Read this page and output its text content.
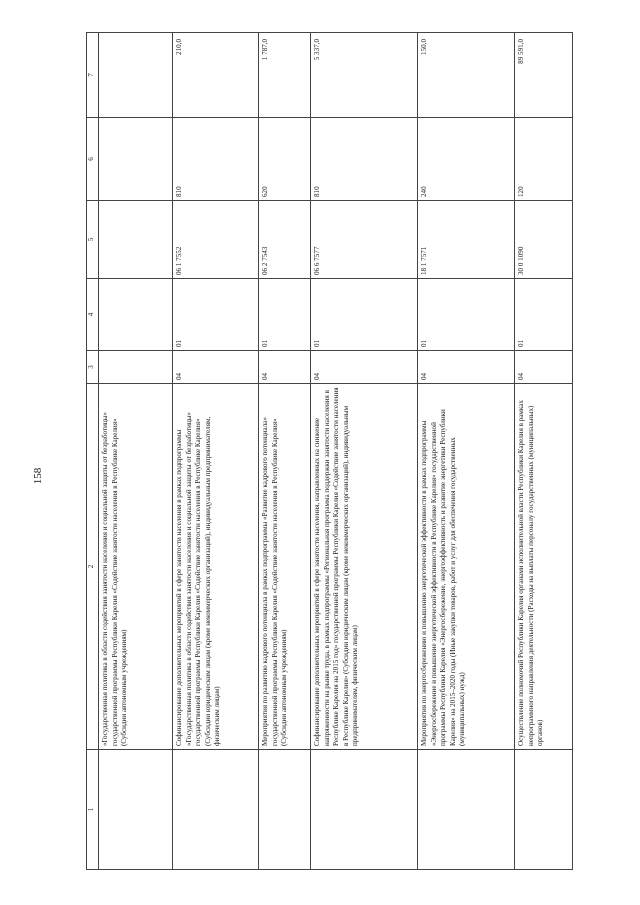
158
1	2	3	4	5	6	7
	«Государственная политика в области содействия занятости населения и социальной защиты от безработицы» государственной программы Республики Карелия «Содействие занятости населения в Республике Карелия» (Субсидии автономным учреждениям)					
	Софинансирование дополнительных мероприятий в сфере занятости населения в рамках подпрограммы «Государственная политика в области содействия занятости населения и социальной защиты от безработицы» государственной программы Республики Карелия «Содействие занятости населения в Республике Карелия» (Субсидии юридическим лицам (кроме некоммерческих организаций), индивидуальным предпринимателям, физическим лицам)	04	01	06 1 7552	810	210,0
	Мероприятия по развитию кадрового потенциала в рамках подпрограммы «Развитие кадрового потенциала» государственной программы Республики Карелия «Содействие занятости населения в Республике Карелия» (Субсидии автономным учреждениям)	04	01	06 2 7543	620	1 787,0
	Софинансирование дополнительных мероприятий в сфере занятости населения, направленных на снижение напряженности на рынке труда, в рамках подпрограммы «Региональная программа поддержки занятости населения в Республике Карелия на 2015 год» государственной программы Республики Карелия «Содействие занятости населения в Республике Карелия» (Субсидии юридическим лицам (кроме некоммерческих организаций), индивидуальным предпринимателям, физическим лицам)	04	01	06 6 7577	810	5 337,0
	Мероприятия по энергосбережению и повышению энергетической эффективности в рамках подпрограммы «Энергосбережение и повышение энергетической эффективности в Республике Карелия» государственной программы Республики Карелия «Энергосбережение, энергоэффективность и развитие энергетики Республики Карелия» на 2015–2020 годы (Иные закупки товаров, работ и услуг для обеспечения государственных (муниципальных) нужд)	04	01	18 1 7571	240	150,0
	Осуществление полномочий Республики Карелия органами исполнительной власти Республики Карелия в рамках непрограммного направления деятельности (Расходы на выплаты персоналу государственных (муниципальных) органов)	04	01	30 0 1090	120	89 591,0
